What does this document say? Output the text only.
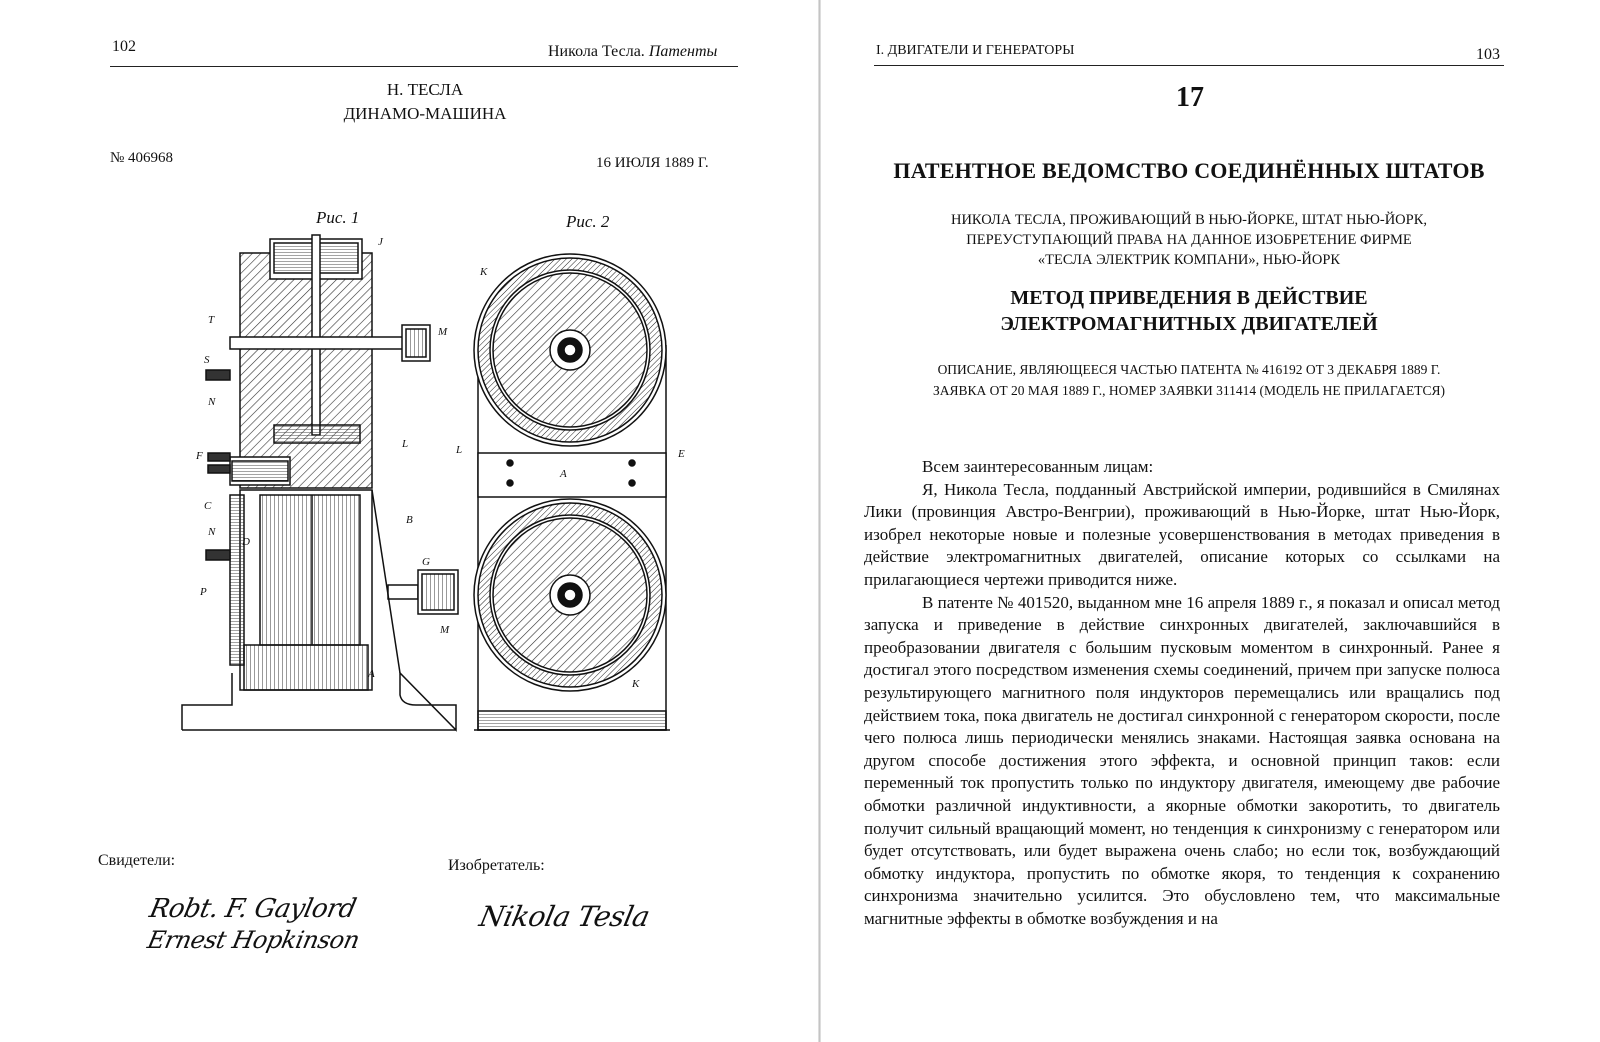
102	Никола Тесла. Патенты
Н. ТЕСЛА
ДИНАМО-МАШИНА
№ 406968	16 ИЮЛЯ 1889 Г.
Рис. 1	Рис. 2
J
T
S
N
F
L
C
B
N
D
P
G
M
A
M
K
L
A
E
K
Свидетели:	Изобретатель:
Robt. F. Gaylord
Ernest Hopkinson
Nikola Tesla
I. ДВИГАТЕЛИ И ГЕНЕРАТОРЫ	103
17
ПАТЕНТНОЕ ВЕДОМСТВО СОЕДИНЁННЫХ ШТАТОВ
НИКОЛА ТЕСЛА, ПРОЖИВАЮЩИЙ В НЬЮ-ЙОРКЕ, ШТАТ НЬЮ-ЙОРК,
ПЕРЕУСТУПАЮЩИЙ ПРАВА НА ДАННОЕ ИЗОБРЕТЕНИЕ ФИРМЕ
«ТЕСЛА ЭЛЕКТРИК КОМПАНИ», НЬЮ-ЙОРК
МЕТОД ПРИВЕДЕНИЯ В ДЕЙСТВИЕ
ЭЛЕКТРОМАГНИТНЫХ ДВИГАТЕЛЕЙ
ОПИСАНИЕ, ЯВЛЯЮЩЕЕСЯ ЧАСТЬЮ ПАТЕНТА № 416192 ОТ 3 ДЕКАБРЯ 1889 Г.
ЗАЯВКА ОТ 20 МАЯ 1889 Г., НОМЕР ЗАЯВКИ 311414 (МОДЕЛЬ НЕ ПРИЛАГАЕТСЯ)

Всем заинтересованным лицам:

Я, Никола Тесла, подданный Австрийской империи, родившийся в Смилянах Лики (провинция Австро-Венгрии), проживающий в Нью-Йорке, штат Нью-Йорк, изобрел некоторые новые и полезные усовершенствования в методах приведения в действие электромагнитных двигателей, описание которых со ссылками на прилагающиеся чертежи приводится ниже.

В патенте № 401520, выданном мне 16 апреля 1889 г., я показал и описал метод запуска и приведение в действие синхронных двигателей, заключавшийся в преобразовании двигателя с большим пусковым моментом в синхронный. Ранее я достигал этого посредством изменения схемы соединений, причем при запуске полюса результирующего магнитного поля индукторов перемещались или вращались под действием тока, пока двигатель не достигал синхронной с генератором скорости, после чего полюса лишь периодически менялись знаками. Настоящая заявка основана на другом способе достижения этого эффекта, и основной принцип таков: если переменный ток пропустить только по индуктору двигателя, имеющему две рабочие обмотки различной индуктивности, а якорные обмотки закоротить, то двигатель получит сильный вращающий момент, но тенденция к синхронизму с генератором или будет отсутствовать, или будет выражена очень слабо; но если ток, возбуждающий обмотку индуктора, пропустить по обмотке якоря, то тенденция к сохранению синхронизма значительно усилится. Это обусловлено тем, что максимальные магнитные эффекты в обмотке возбуждения и на
